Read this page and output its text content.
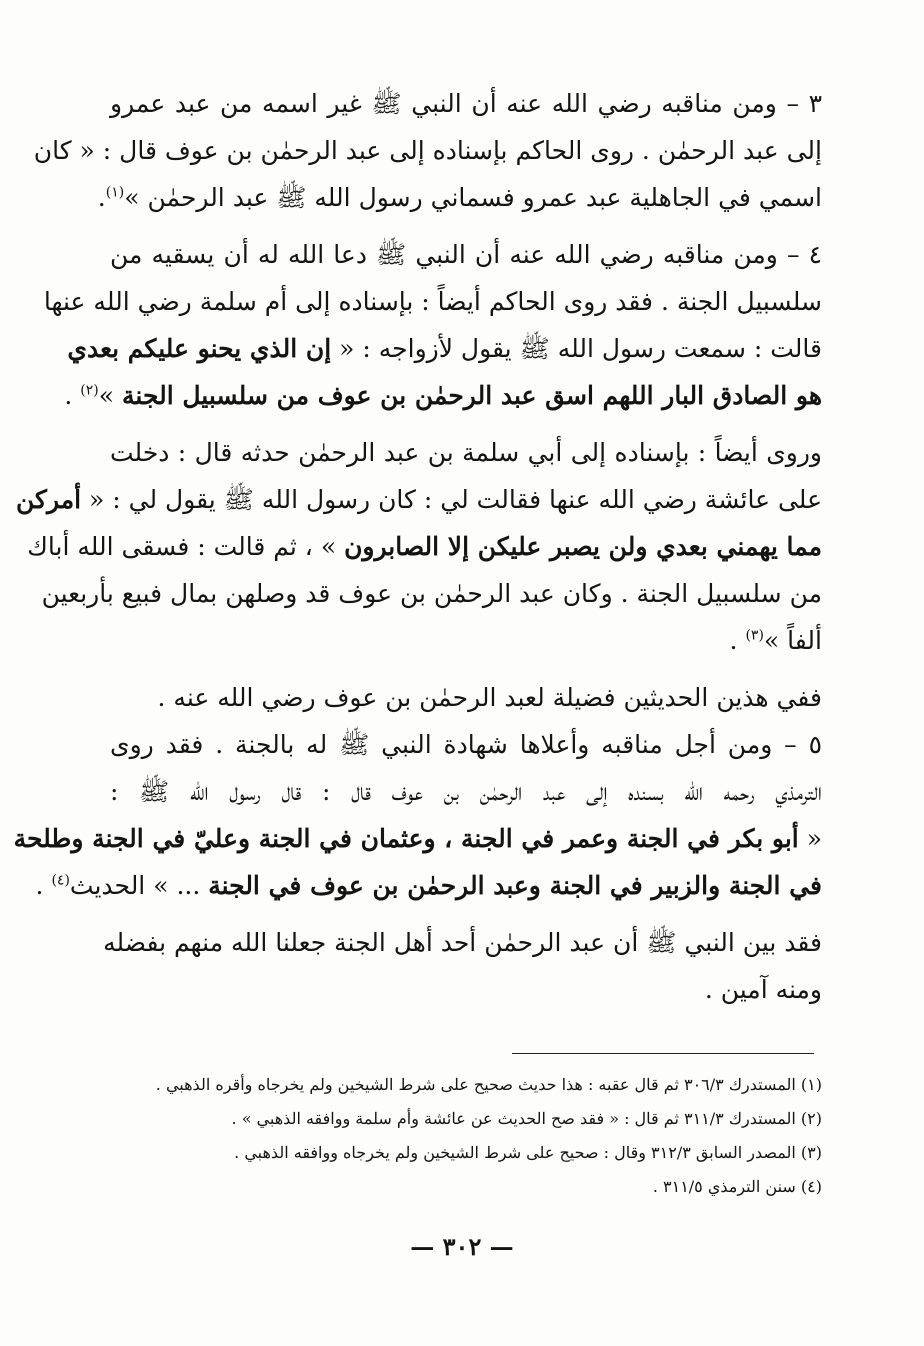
٣ – ومن مناقبه رضي الله عنه أن النبي ﷺ غير اسمه من عبد عمرو
إلى عبد الرحمٰن . روى الحاكم بإسناده إلى عبد الرحمٰن بن عوف قال : « كان
اسمي في الجاهلية عبد عمرو فسماني رسول الله ﷺ عبد الرحمٰن »$^{(١)}$.
٤ – ومن مناقبه رضي الله عنه أن النبي ﷺ دعا الله له أن يسقيه من
سلسبيل الجنة . فقد روى الحاكم أيضاً : بإسناده إلى أم سلمة رضي الله عنها
قالت : سمعت رسول الله ﷺ يقول لأزواجه : « إن الذي يحنو عليكم بعدي
هو الصادق البار اللهم اسق عبد الرحمٰن بن عوف من سلسبيل الجنة »$^{(٢)}$ .
وروى أيضاً : بإسناده إلى أبي سلمة بن عبد الرحمٰن حدثه قال : دخلت
على عائشة رضي الله عنها فقالت لي : كان رسول الله ﷺ يقول لي : « أمركن
مما يهمني بعدي ولن يصبر عليكن إلا الصابرون » ، ثم قالت : فسقى الله أباك
من سلسبيل الجنة . وكان عبد الرحمٰن بن عوف قد وصلهن بمال فبيع بأربعين
ألفاً »$^{(٣)}$ .
ففي هذين الحديثين فضيلة لعبد الرحمٰن بن عوف رضي الله عنه .
٥ – ومن أجل مناقبه وأعلاها شهادة النبي ﷺ له بالجنة . فقد روى
الترمذي رحمه الله بسنده إلى عبد الرحمٰن بن عوف قال : قال رسول الله ﷺ :
« أبو بكر في الجنة وعمر في الجنة ، وعثمان في الجنة وعليّ في الجنة وطلحة
في الجنة والزبير في الجنة وعبد الرحمٰن بن عوف في الجنة ... » الحديث$^{(٤)}$ .
فقد بين النبي ﷺ أن عبد الرحمٰن أحد أهل الجنة جعلنا الله منهم بفضله
ومنه آمين .
(١) المستدرك ٣٠٦/٣ ثم قال عقبه : هذا حديث صحيح على شرط الشيخين ولم يخرجاه وأقره الذهبي .
(٢) المستدرك ٣١١/٣ ثم قال : « فقد صح الحديث عن عائشة وأم سلمة ووافقه الذهبي » .
(٣) المصدر السابق ٣١٢/٣ وقال : صحيح على شرط الشيخين ولم يخرجاه ووافقه الذهبي .
(٤) سنن الترمذي ٣١١/٥ .
— ٣٠٢ —
